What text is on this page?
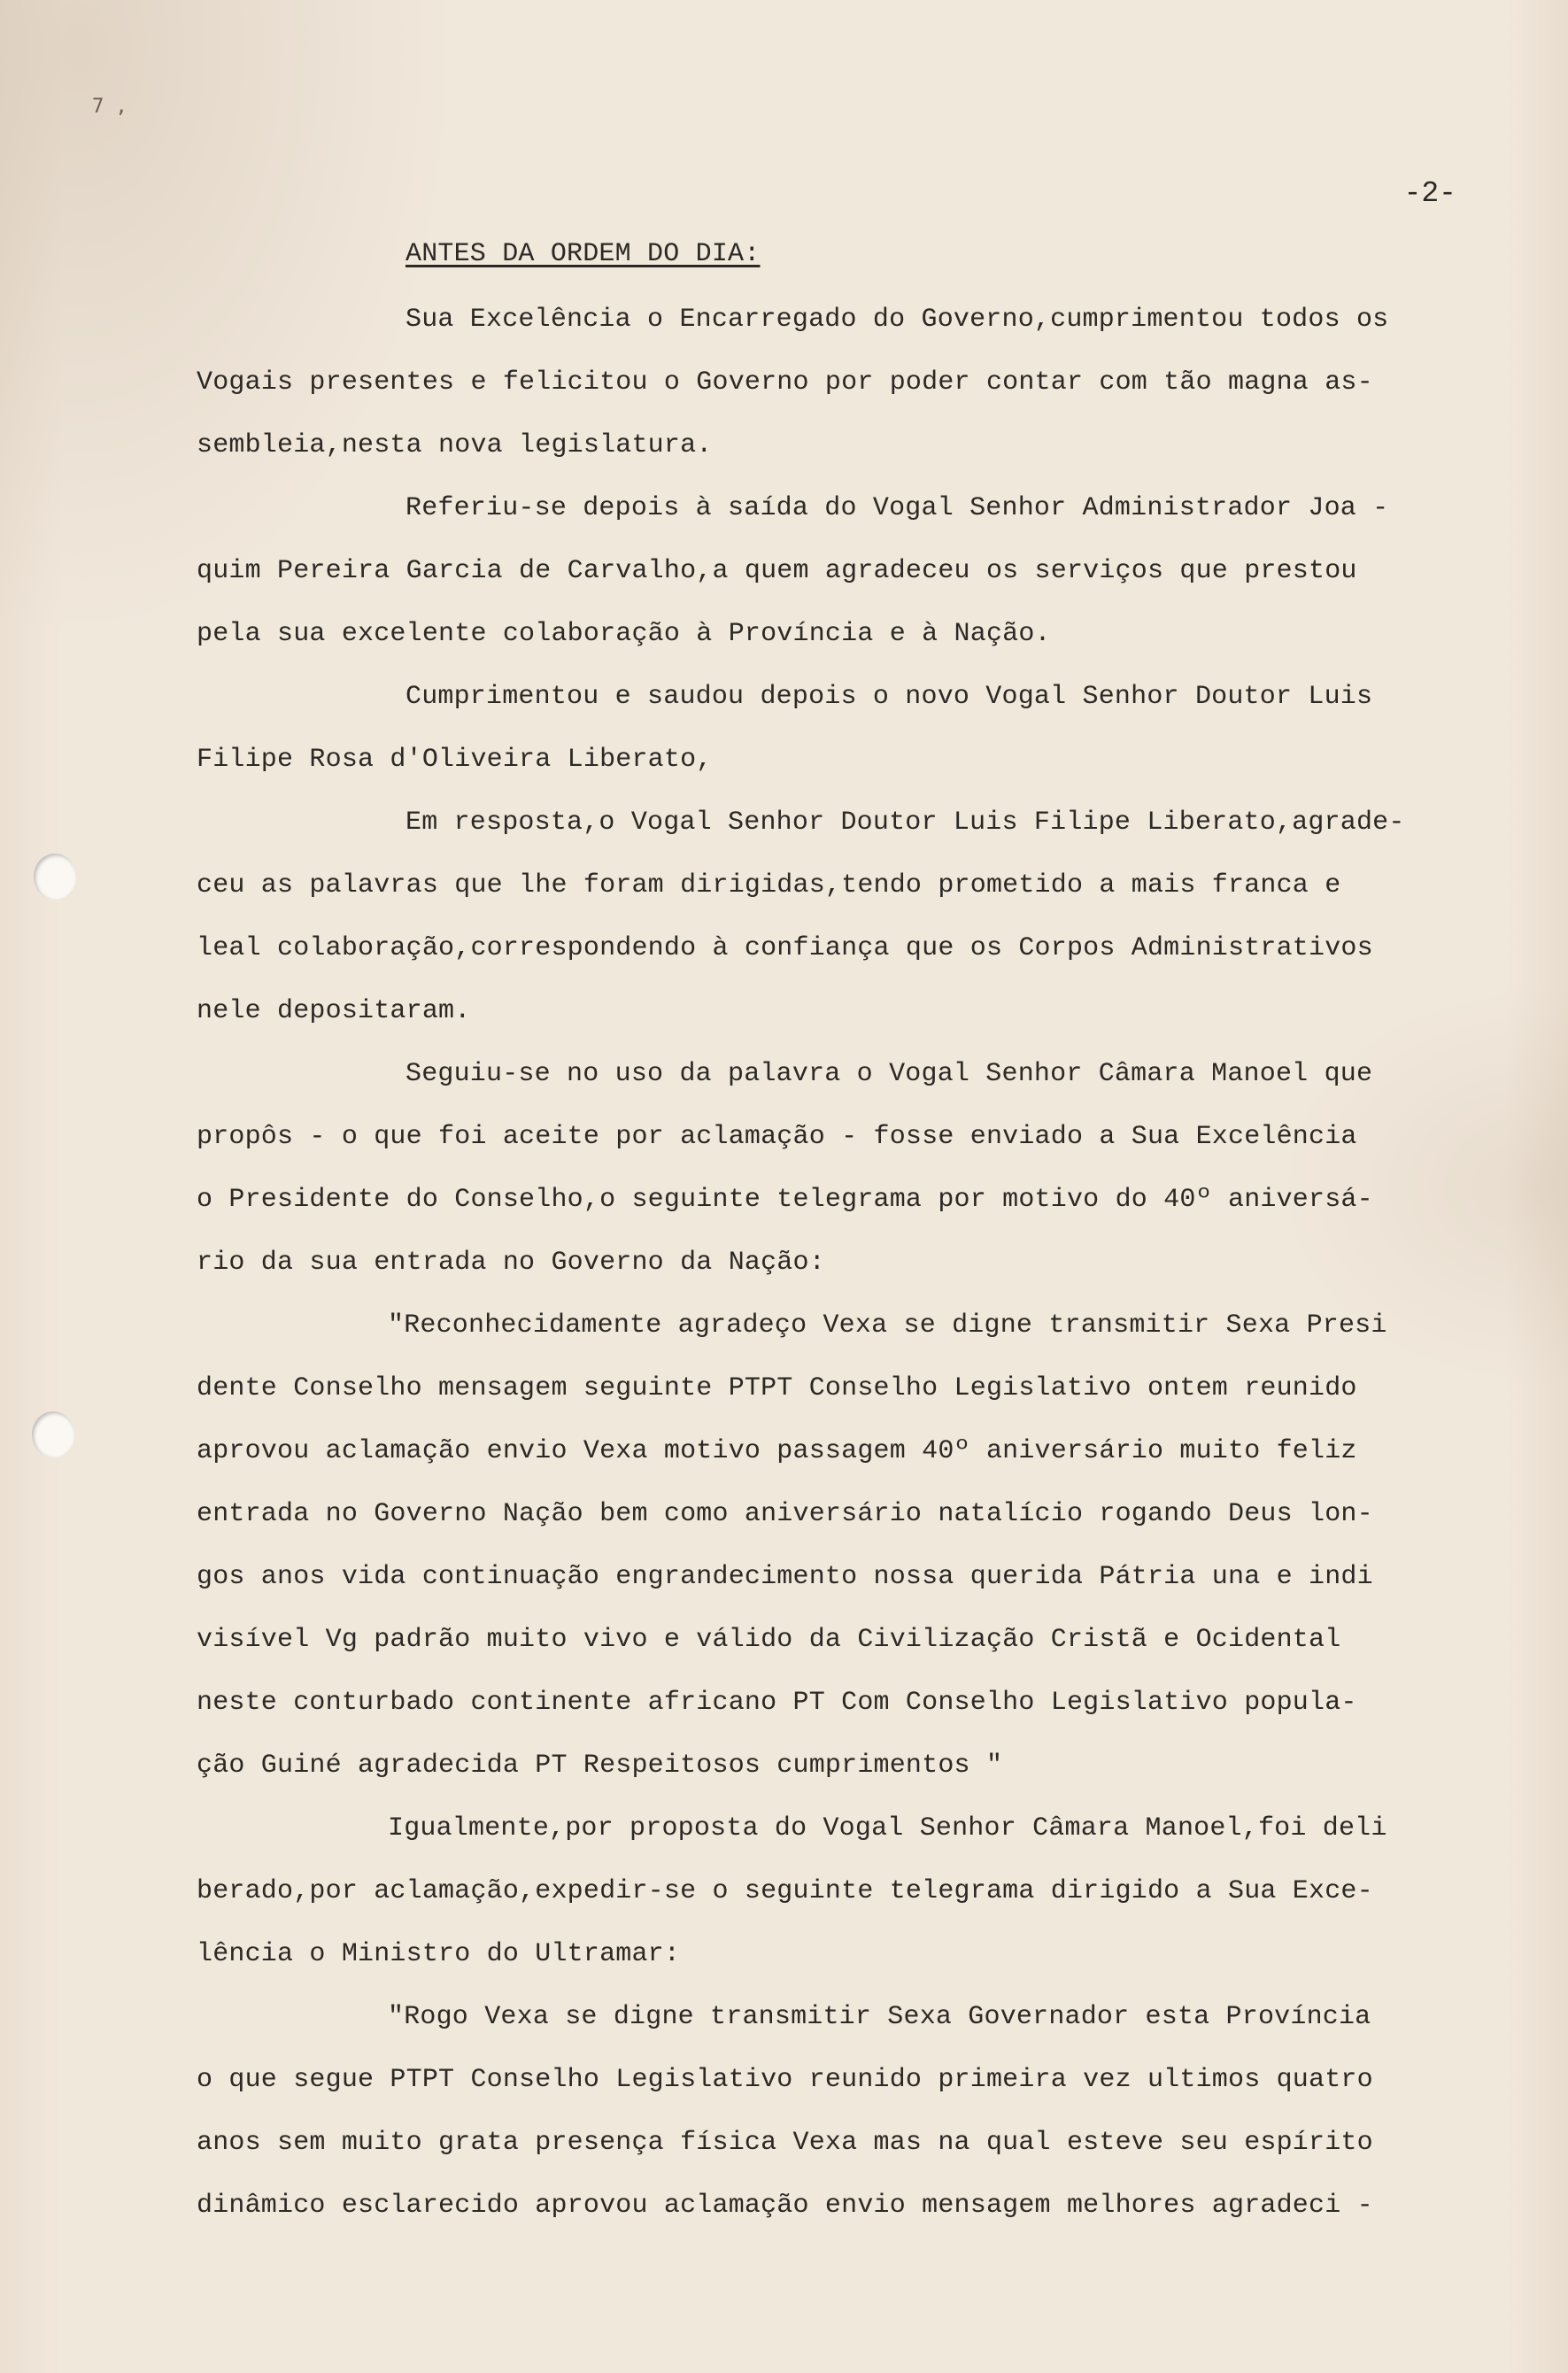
7 ,
-2-
ANTES DA ORDEM DO DIA:
Sua Excelência o Encarregado do Governo,cumprimentou todos os
Vogais presentes e felicitou o Governo por poder contar com tão magna as-
sembleia,nesta nova legislatura.
Referiu-se depois à saída do Vogal Senhor Administrador Joa -
quim Pereira Garcia de Carvalho,a quem agradeceu os serviços que prestou
pela sua excelente colaboração à Província e à Nação.
Cumprimentou e saudou depois o novo Vogal Senhor Doutor Luis
Filipe Rosa d'Oliveira Liberato,
Em resposta,o Vogal Senhor Doutor Luis Filipe Liberato,agrade-
ceu as palavras que lhe foram dirigidas,tendo prometido a mais franca e
leal colaboração,correspondendo à confiança que os Corpos Administrativos
nele depositaram.
Seguiu-se no uso da palavra o Vogal Senhor Câmara Manoel que
propôs - o que foi aceite por aclamação - fosse enviado a Sua Excelência
o Presidente do Conselho,o seguinte telegrama por motivo do 40º aniversá-
rio da sua entrada no Governo da Nação:
"Reconhecidamente agradeço Vexa se digne transmitir Sexa Presi
dente Conselho mensagem seguinte PTPT Conselho Legislativo ontem reunido
aprovou aclamação envio Vexa motivo passagem 40º aniversário muito feliz
entrada no Governo Nação bem como aniversário natalício rogando Deus lon-
gos anos vida continuação engrandecimento nossa querida Pátria una e indi
visível Vg padrão muito vivo e válido da Civilização Cristã e Ocidental
neste conturbado continente africano PT Com Conselho Legislativo popula-
ção Guiné agradecida PT Respeitosos cumprimentos "
Igualmente,por proposta do Vogal Senhor Câmara Manoel,foi deli
berado,por aclamação,expedir-se o seguinte telegrama dirigido a Sua Exce-
lência o Ministro do Ultramar:
"Rogo Vexa se digne transmitir Sexa Governador esta Província
o que segue PTPT Conselho Legislativo reunido primeira vez ultimos quatro
anos sem muito grata presença física Vexa mas na qual esteve seu espírito
dinâmico esclarecido aprovou aclamação envio mensagem melhores agradeci -
